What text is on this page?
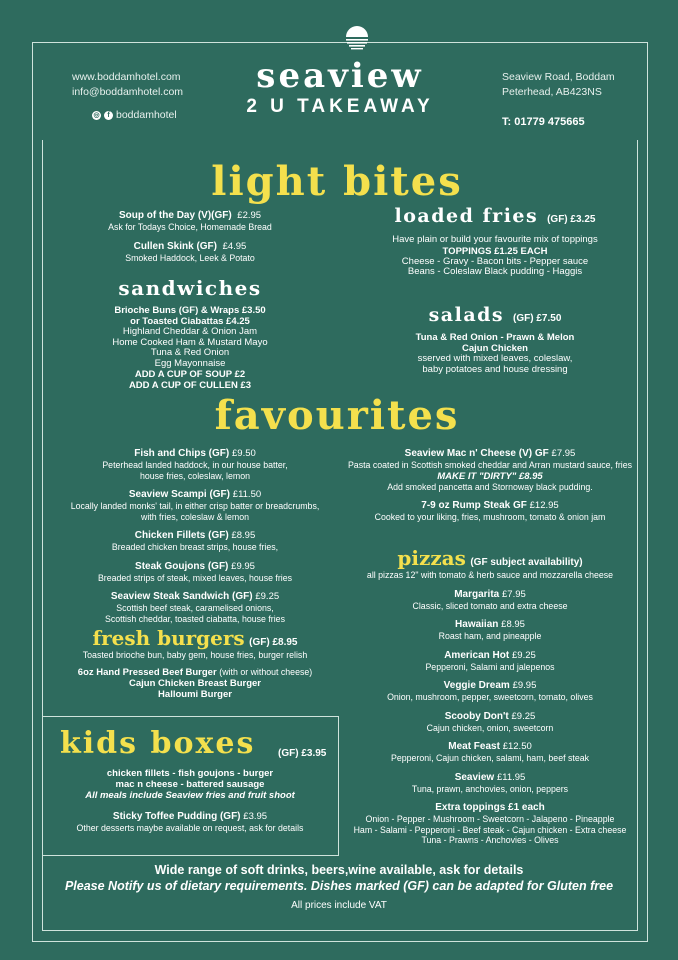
www.boddamhotel.com
info@boddamhotel.com
◎	f boddamhotel
seaview
2 U TAKEAWAY
Seaview Road, Boddam
Peterhead, AB423NS
T: 01779 475665
light bites
Soup of the Day (V)(GF) £2.95
Ask for Todays Choice, Homemade Bread
Cullen Skink (GF) £4.95
Smoked Haddock, Leek & Potato
sandwiches
Brioche Buns (GF) & Wraps £3.50
or Toasted Ciabattas £4.25
Highland Cheddar & Onion Jam
Home Cooked Ham & Mustard Mayo
Tuna & Red Onion
Egg Mayonnaise
ADD A CUP OF SOUP £2
ADD A CUP OF CULLEN £3
loaded fries (GF) £3.25
Have plain or build your favourite mix of toppings
TOPPINGS £1.25 EACH
Cheese - Gravy - Bacon bits - Pepper sauce
Beans - Coleslaw Black pudding - Haggis
salads (GF) £7.50
Tuna & Red Onion - Prawn & Melon
Cajun Chicken
sserved with mixed leaves, coleslaw,
baby potatoes and house dressing
favourites
Fish and Chips (GF) £9.50
Peterhead landed haddock, in our house batter,
house fries, coleslaw, lemon
Seaview Scampi (GF) £11.50
Locally landed monks' tail, in either crisp batter or breadcrumbs,
with fries, coleslaw & lemon
Chicken Fillets (GF) £8.95
Breaded chicken breast strips, house fries,
Steak Goujons (GF) £9.95
Breaded strips of steak, mixed leaves, house fries
Seaview Steak Sandwich (GF) £9.25
Scottish beef steak, caramelised onions,
Scottish cheddar, toasted ciabatta, house fries
fresh burgers (GF) £8.95
Toasted brioche bun, baby gem, house fries, burger relish
6oz Hand Pressed Beef Burger (with or without cheese)
Cajun Chicken Breast Burger
Halloumi Burger
Seaview Mac n' Cheese (V) GF £7.95
Pasta coated in Scottish smoked cheddar and Arran mustard sauce, fries
MAKE IT "DIRTY" £8.95
Add smoked pancetta and Stornoway black pudding.
7-9 oz Rump Steak GF £12.95
Cooked to your liking, fries, mushroom, tomato & onion jam
pizzas (GF subject availability)
all pizzas 12" with tomato & herb sauce and mozzarella cheese
Margarita £7.95
Classic, sliced tomato and extra cheese
Hawaiian £8.95
Roast ham, and pineapple
American Hot £9.25
Pepperoni, Salami and jalepenos
Veggie Dream £9.95
Onion, mushroom, pepper, sweetcorn, tomato, olives
Scooby Don't £9.25
Cajun chicken, onion, sweetcorn
Meat Feast £12.50
Pepperoni, Cajun chicken, salami, ham, beef steak
Seaview £11.95
Tuna, prawn, anchovies, onion, peppers
Extra toppings £1 each
Onion - Pepper - Mushroom - Sweetcorn - Jalapeno - Pineapple
Ham - Salami - Pepperoni - Beef steak - Cajun chicken - Extra cheese
Tuna - Prawns - Anchovies - Olives
kids boxes (GF) £3.95
chicken fillets - fish goujons - burger
mac n cheese - battered sausage
All meals include Seaview fries and fruit shoot
Sticky Toffee Pudding (GF) £3.95
Other desserts maybe available on request, ask for details
Wide range of soft drinks, beers,wine available, ask for details
Please Notify us of dietary requirements. Dishes marked (GF) can be adapted for Gluten free
All prices include VAT
